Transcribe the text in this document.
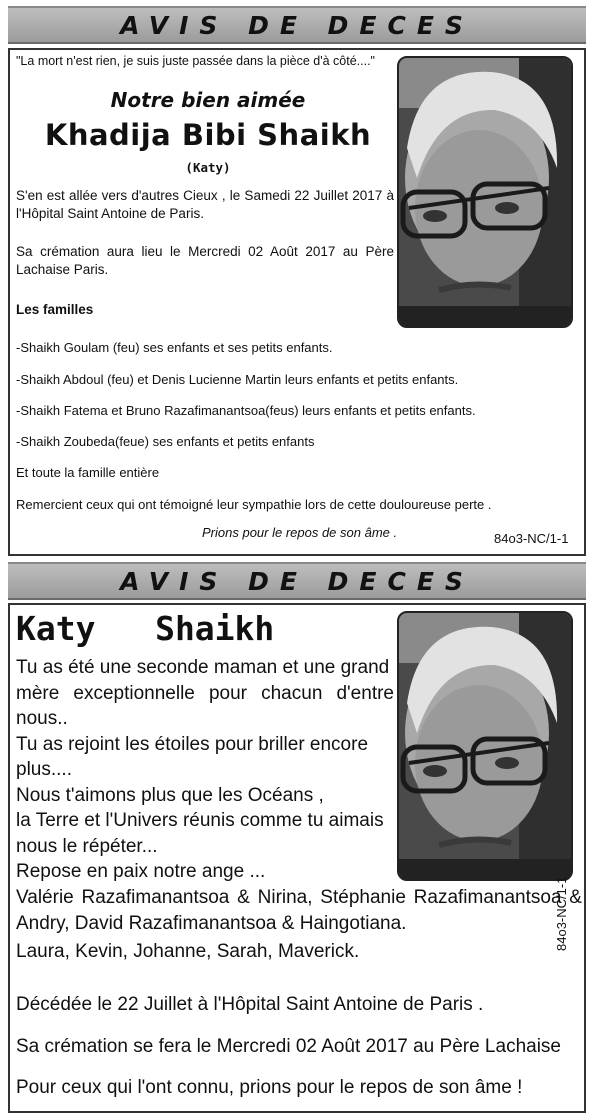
AVIS DE DECES
"La mort n'est rien, je suis juste passée dans la pièce d'à côté...."
Notre bien aimée
Khadija Bibi Shaikh
(Katy)
S'en est allée vers d'autres Cieux , le Samedi 22 Juillet 2017 à l'Hôpital Saint Antoine de Paris.
Sa crémation aura lieu le Mercredi 02 Août 2017 au Père Lachaise Paris.
Les familles
-Shaikh Goulam (feu) ses enfants et ses petits enfants.
-Shaikh Abdoul (feu) et Denis Lucienne Martin leurs enfants et petits enfants.
-Shaikh Fatema et Bruno Razafimanantsoa(feus) leurs enfants et petits enfants.
-Shaikh Zoubeda(feue) ses enfants et petits enfants
Et toute la famille entière
Remercient ceux qui ont témoigné leur sympathie lors de cette douloureuse perte .
Prions pour le repos de son âme .	84o3-NC/1-1
AVIS DE DECES
Katy   Shaikh
Tu as été une seconde maman et une grand
mère exceptionnelle pour chacun d'entre nous..
Tu as rejoint les étoiles pour briller encore
plus....
Nous t'aimons plus que les Océans ,
la Terre et l'Univers réunis comme tu aimais
nous le répéter...
Repose en paix notre ange ...
Valérie Razafimanantsoa & Nirina, Stéphanie Razafimanantsoa & Andry, David Razafimanantsoa & Haingotiana.
Laura, Kevin, Johanne, Sarah, Maverick.
84o3-NC/1-1
Décédée le 22 Juillet à l'Hôpital Saint Antoine de Paris .
Sa crémation se fera le Mercredi 02 Août 2017 au Père Lachaise
Pour ceux qui l'ont connu, prions pour le repos de son âme !
